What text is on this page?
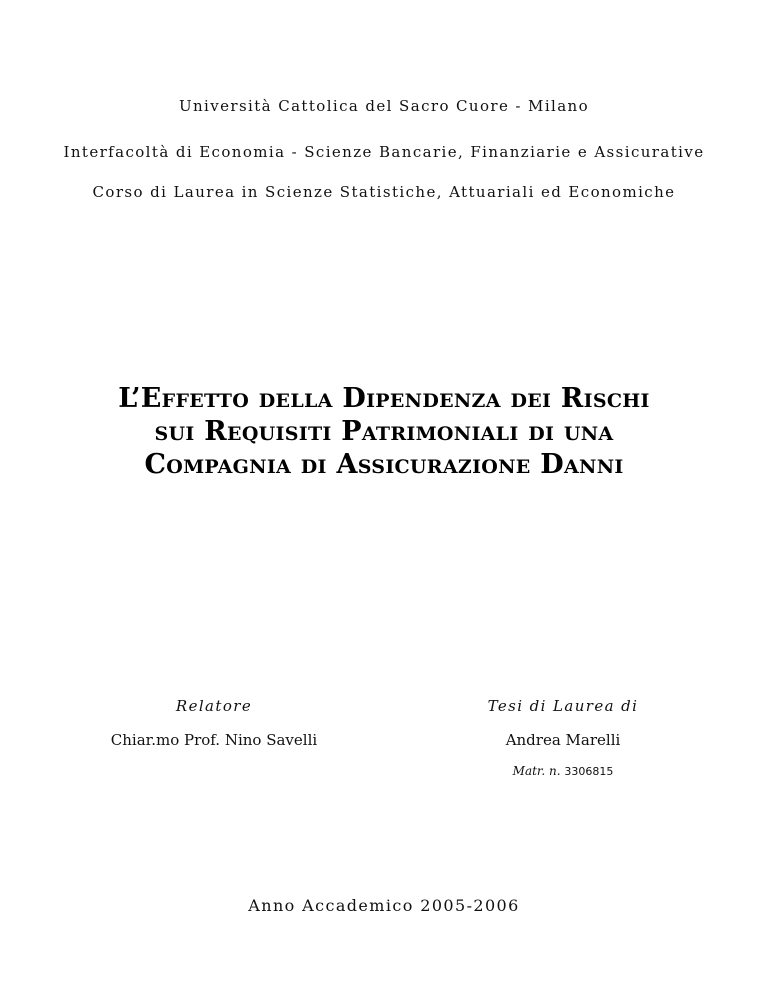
Università Cattolica del Sacro Cuore - Milano
Interfacoltà di Economia - Scienze Bancarie, Finanziarie e Assicurative
Corso di Laurea in Scienze Statistiche, Attuariali ed Economiche
L’Effetto della Dipendenza dei Rischi
sui Requisiti Patrimoniali di una
Compagnia di Assicurazione Danni
Relatore
Chiar.mo Prof. Nino Savelli
Tesi di Laurea di
Andrea Marelli
Matr. n. 3306815
Anno Accademico 2005-2006
